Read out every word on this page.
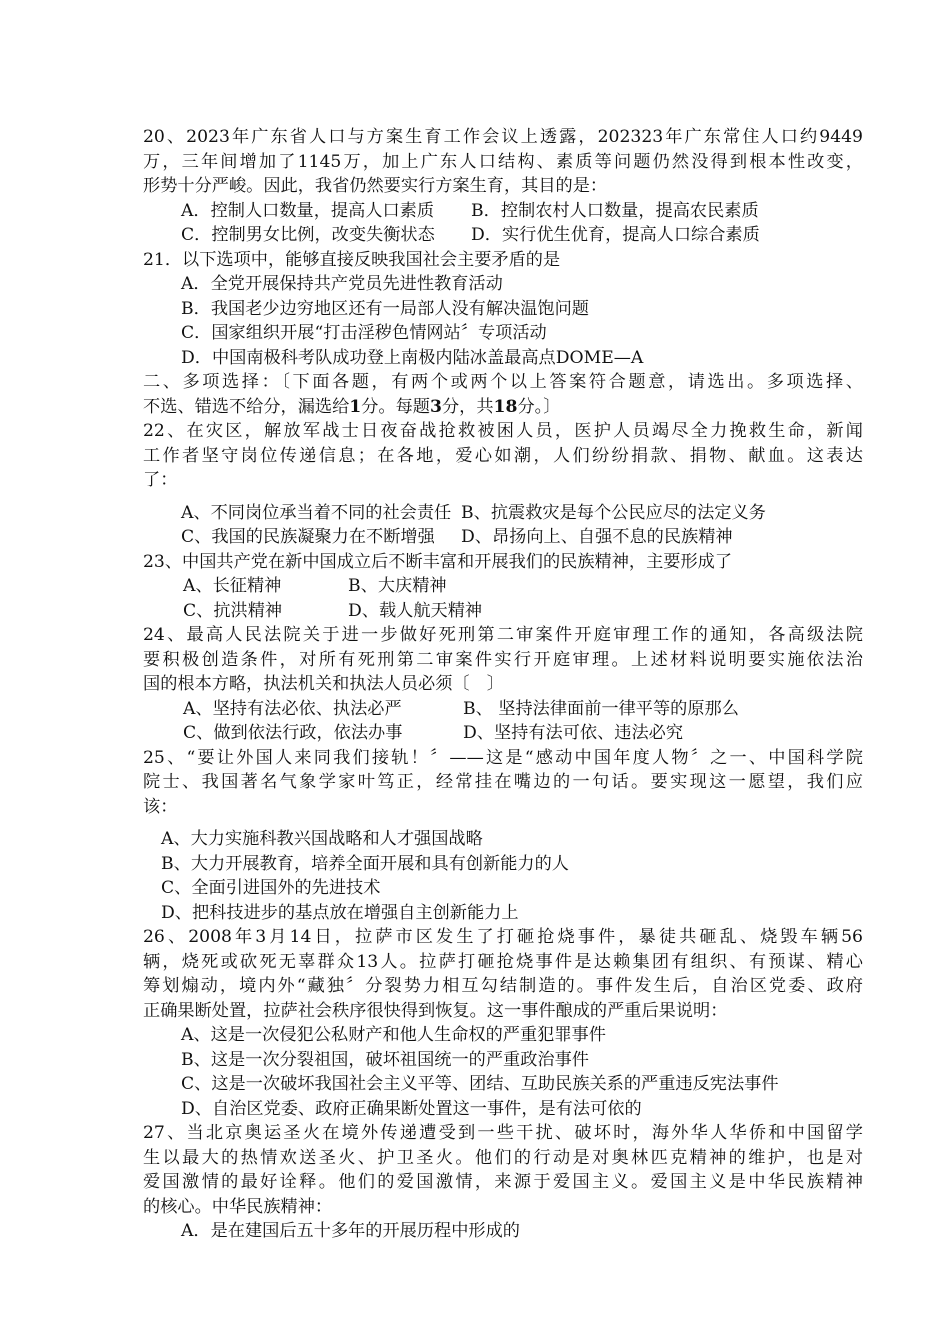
20、2023年广东省人口与方案生育工作会议上透露，202323年广东常住人口约9449
万，三年间增加了1145万，加上广东人口结构、素质等问题仍然没得到根本性改变，
形势十分严峻。因此，我省仍然要实行方案生育，其目的是：
A．控制人口数量，提高人口素质 B．控制农村人口数量，提高农民素质
C．控制男女比例，改变失衡状态 D．实行优生优育，提高人口综合素质
21．以下选项中，能够直接反映我国社会主要矛盾的是
A．全党开展保持共产党员先进性教育活动
B．我国老少边穷地区还有一局部人没有解决温饱问题
C．国家组织开展“打击淫秽色情网站〞专项活动
D．中国南极科考队成功登上南极内陆冰盖最高点DOME—A
二、多项选择：〔下面各题，有两个或两个以上答案符合题意，请选出。多项选择、
不选、错选不给分，漏选给1分。每题3分，共18分。〕
22、在灾区，解放军战士日夜奋战抢救被困人员，医护人员竭尽全力挽救生命，新闻
工作者坚守岗位传递信息；在各地，爱心如潮，人们纷纷捐款、捐物、献血。这表达
了：
A、不同岗位承当着不同的社会责任 B、抗震救灾是每个公民应尽的法定义务
C、我国的民族凝聚力在不断增强 D、昂扬向上、自强不息的民族精神
23、中国共产党在新中国成立后不断丰富和开展我们的民族精神，主要形成了
A、长征精神	B、大庆精神
C、抗洪精神	D、载人航天精神
24、最高人民法院关于进一步做好死刑第二审案件开庭审理工作的通知，各高级法院
要积极创造条件，对所有死刑第二审案件实行开庭审理。上述材料说明要实施依法治
国的根本方略，执法机关和执法人员必须〔　〕
A、坚持有法必依、执法必严	B、 坚持法律面前一律平等的原那么
C、做到依法行政，依法办事	D、坚持有法可依、违法必究
25、“要让外国人来同我们接轨！〞——这是“感动中国年度人物〞之一、中国科学院
院士、我国著名气象学家叶笃正，经常挂在嘴边的一句话。要实现这一愿望，我们应
该：
A、大力实施科教兴国战略和人才强国战略
B、大力开展教育，培养全面开展和具有创新能力的人
C、全面引进国外的先进技术
D、把科技进步的基点放在增强自主创新能力上
26、2008年3月14日，拉萨市区发生了打砸抢烧事件，暴徒共砸乱、烧毁车辆56
辆，烧死或砍死无辜群众13人。拉萨打砸抢烧事件是达赖集团有组织、有预谋、精心
筹划煽动，境内外“藏独〞分裂势力相互勾结制造的。事件发生后，自治区党委、政府
正确果断处置，拉萨社会秩序很快得到恢复。这一事件酿成的严重后果说明：
A、这是一次侵犯公私财产和他人生命权的严重犯罪事件
B、这是一次分裂祖国，破坏祖国统一的严重政治事件
C、这是一次破坏我国社会主义平等、团结、互助民族关系的严重违反宪法事件
D、自治区党委、政府正确果断处置这一事件，是有法可依的
27、当北京奥运圣火在境外传递遭受到一些干扰、破坏时，海外华人华侨和中国留学
生以最大的热情欢送圣火、护卫圣火。他们的行动是对奥林匹克精神的维护，也是对
爱国激情的最好诠释。他们的爱国激情，来源于爱国主义。爱国主义是中华民族精神
的核心。中华民族精神：
A．是在建国后五十多年的开展历程中形成的
